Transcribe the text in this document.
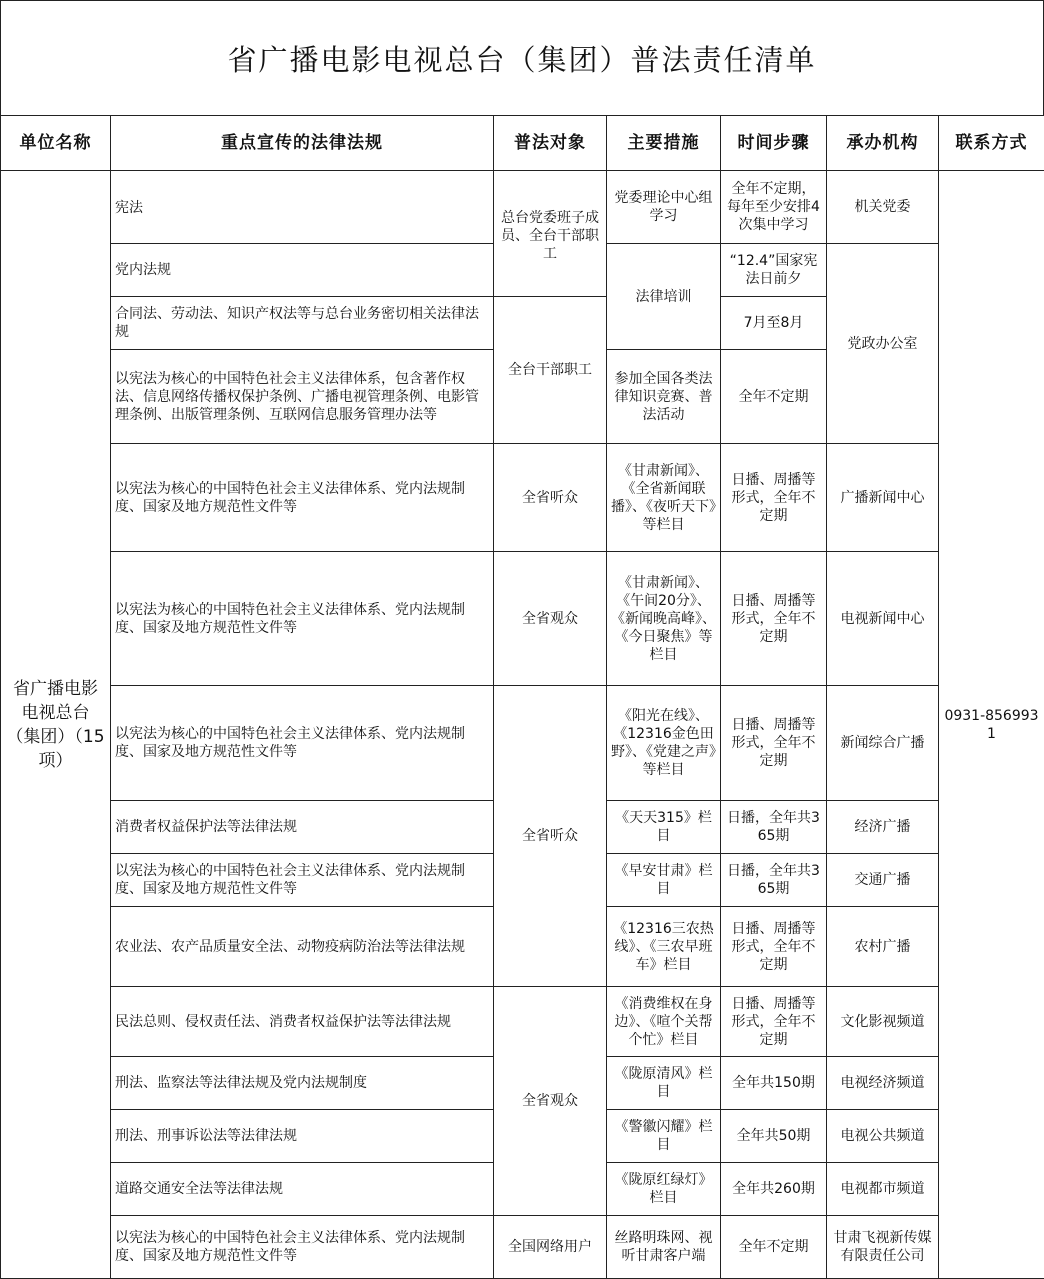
省广播电影电视总台（集团）普法责任清单
单位名称	重点宣传的法律法规	普法对象	主要措施	时间步骤	承办机构	联系方式
省广播电影电视总台（集团）（15项）	宪法	总台党委班子成员、全台干部职工	党委理论中心组学习	全年不定期，每年至少安排4次集中学习	机关党委	0931-8569931
	党内法规		法律培训	“12.4”国家宪法日前夕	党政办公室	
	合同法、劳动法、知识产权法等与总台业务密切相关法律法规	全台干部职工		7月至8月		
	以宪法为核心的中国特色社会主义法律体系，包含著作权法、信息网络传播权保护条例、广播电视管理条例、电影管理条例、出版管理条例、互联网信息服务管理办法等		参加全国各类法律知识竞赛、普法活动	全年不定期		
	以宪法为核心的中国特色社会主义法律体系、党内法规制度、国家及地方规范性文件等	全省听众	《甘肃新闻》、《全省新闻联播》、《夜听天下》等栏目	日播、周播等形式，全年不定期	广播新闻中心	
	以宪法为核心的中国特色社会主义法律体系、党内法规制度、国家及地方规范性文件等	全省观众	《甘肃新闻》、《午间20分》、《新闻晚高峰》、《今日聚焦》等栏目	日播、周播等形式，全年不定期	电视新闻中心	
	以宪法为核心的中国特色社会主义法律体系、党内法规制度、国家及地方规范性文件等	全省听众	《阳光在线》、《12316金色田野》、《党建之声》等栏目	日播、周播等形式，全年不定期	新闻综合广播	
	消费者权益保护法等法律法规		《天天315》栏目	日播，全年共365期	经济广播	
	以宪法为核心的中国特色社会主义法律体系、党内法规制度、国家及地方规范性文件等		《早安甘肃》栏目	日播，全年共365期	交通广播	
	农业法、农产品质量安全法、动物疫病防治法等法律法规		《12316三农热线》、《三农早班车》栏目	日播、周播等形式，全年不定期	农村广播	
	民法总则、侵权责任法、消费者权益保护法等法律法规	全省观众	《消费维权在身边》、《喧个关帮个忙》栏目	日播、周播等形式，全年不定期	文化影视频道	
	刑法、监察法等法律法规及党内法规制度		《陇原清风》栏目	全年共150期	电视经济频道	
	刑法、刑事诉讼法等法律法规		《警徽闪耀》栏目	全年共50期	电视公共频道	
	道路交通安全法等法律法规		《陇原红绿灯》栏目	全年共260期	电视都市频道	
	以宪法为核心的中国特色社会主义法律体系、党内法规制度、国家及地方规范性文件等	全国网络用户	丝路明珠网、视听甘肃客户端	全年不定期	甘肃飞视新传媒有限责任公司	
